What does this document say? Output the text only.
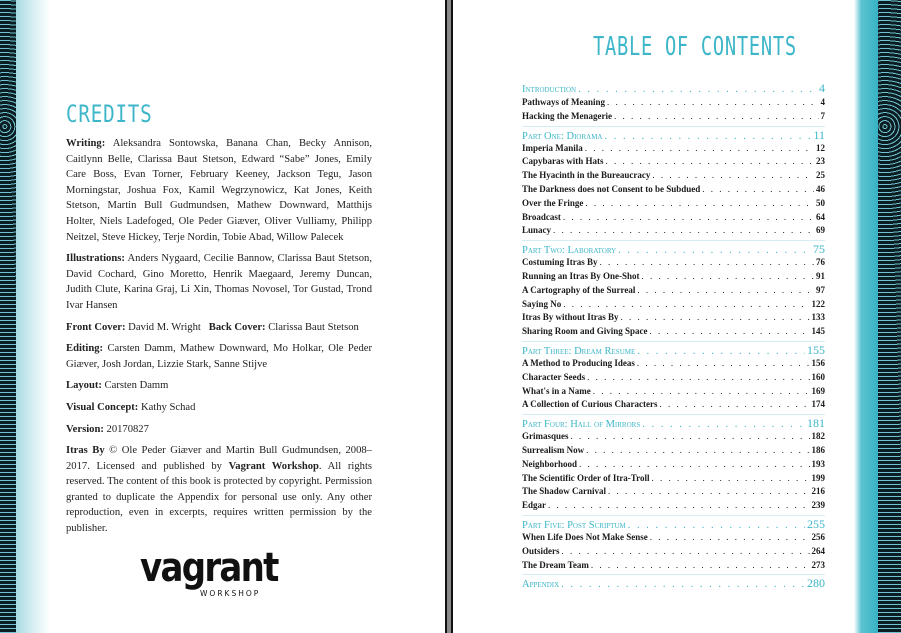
CREDITS

Writing: Aleksandra Sontowska, Banana Chan, Becky Annison, Caitlynn Belle, Clarissa Baut Stetson, Edward “Sabe” Jones, Emily Care Boss, Evan Torner, February Keeney, Jackson Tegu, Jason Morningstar, Joshua Fox, Kamil Wegrzynowicz, Kat Jones, Keith Stetson, Martin Bull Gudmundsen, Mathew Downward, Matthijs Holter, Niels Ladefoged, Ole Peder Giæver, Oliver Vulliamy, Philipp Neitzel, Steve Hickey, Terje Nordin, Tobie Abad, Willow Palecek

Illustrations: Anders Nygaard, Cecilie Bannow, Clarissa Baut Stetson, David Cochard, Gino Moretto, Henrik Maegaard, Jeremy Duncan, Judith Clute, Karina Graj, Li Xin, Thomas Novosel, Tor Gustad, Trond Ivar Hansen

Front Cover: David M. Wright Back Cover: Clarissa Baut Stetson

Editing: Carsten Damm, Mathew Downward, Mo Holkar, Ole Peder Giæver, Josh Jordan, Lizzie Stark, Sanne Stijve

Layout: Carsten Damm

Visual Concept: Kathy Schad

Version: 20170827

Itras By © Ole Peder Giæver and Martin Bull Gudmundsen, 2008–2017. Licensed and published by Vagrant Workshop. All rights reserved. The content of this book is protected by copyright. Permission granted to duplicate the Appendix for personal use only. Any other reproduction, even in excerpts, requires written permission by the publisher.

vagrant
WORKSHOP
TABLE OF CONTENTS
Introduction . . .	4
Pathways of Meaning . . .	4
Hacking the Menagerie . . .	7
Part One: Diorama . . .	11
Imperia Manila . . .	12
Capybaras with Hats . . .	23
The Hyacinth in the Bureaucracy . . .	25
The Darkness does not Consent to be Subdued . . .	46
Over the Fringe . . .	50
Broadcast . . .	64
Lunacy . . .	69
Part Two: Laboratory . . .	75
Costuming Itras By . . .	76
Running an Itras By One-Shot . . .	91
A Cartography of the Surreal . . .	97
Saying No . . .	122
Itras By without Itras By . . .	133
Sharing Room and Giving Space . . .	145
Part Three: Dream Resume . . .	155
A Method to Producing Ideas . . .	156
Character Seeds . . .	160
What's in a Name . . .	169
A Collection of Curious Characters . . .	174
Part Four: Hall of Mirrors . . .	181
Grimasques . . .	182
Surrealism Now . . .	186
Neighborhood . . .	193
The Scientific Order of Itra-Troll . . .	199
The Shadow Carnival . . .	216
Edgar . . .	239
Part Five: Post Scriptum . . .	255
When Life Does Not Make Sense . . .	256
Outsiders . . .	264
The Dream Team . . .	273
Appendix . . .	280
